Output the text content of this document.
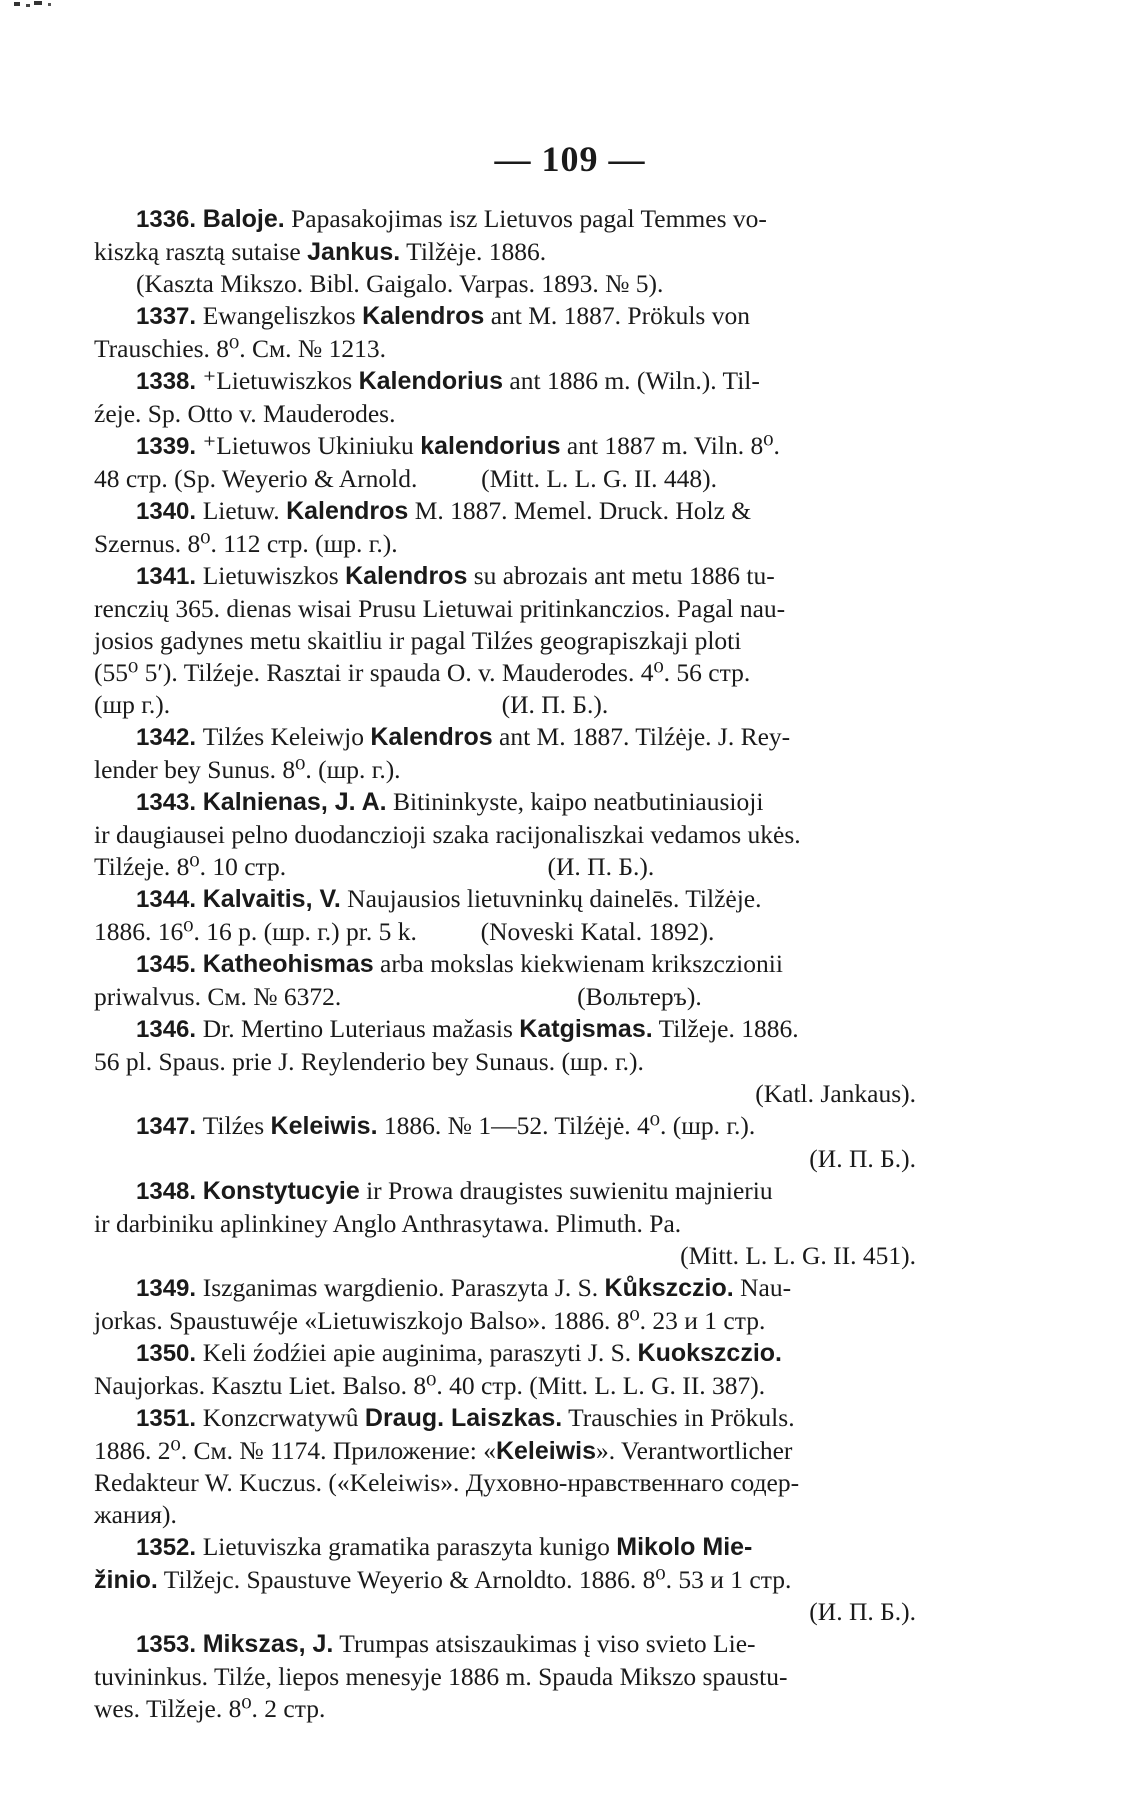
— 109 —
1336. Baloje. Papasakojimas isz Lietuvos pagal Temmes vo-
kiszką rasztą sutaise Jankus. Tilžėje. 1886.
(Kaszta Mikszo. Bibl. Gaigalo. Varpas. 1893. № 5).
1337. Ewangeliszkos Kalendros ant M. 1887. Prökuls von
Trauschies. 8⁰. См. № 1213.
1338. ⁺Lietuwiszkos Kalendorius ant 1886 m. (Wiln.). Til-
źeje. Sp. Otto v. Mauderodes.
1339. ⁺Lietuwos Ukiniuku kalendorius ant 1887 m. Viln. 8⁰.
48 стр. (Sp. Weyerio & Arnold.          (Mitt. L. L. G. II. 448).
1340. Lietuw. Kalendros M. 1887. Memel. Druck. Holz &
Szernus. 8⁰. 112 стр. (шр. г.).
1341. Lietuwiszkos Kalendros su abrozais ant metu 1886 tu-
renczių 365. dienas wisai Prusu Lietuwai pritinkanczios. Pagal nau-
josios gadynes metu skaitliu ir pagal Tilźes geograpiszkaji ploti
(55⁰ 5′). Tilźeje. Rasztai ir spauda O. v. Mauderodes. 4⁰. 56 стр.
(шр г.).                                                    (И. П. Б.).
1342. Tilźes Keleiwjo Kalendros ant M. 1887. Tilźėje. J. Rey-
lender bey Sunus. 8⁰. (шр. г.).
1343. Kalnienas, J. A. Bitininkyste, kaipo neatbutiniausioji
ir daugiausei pelno duodanczioji szaka racijonaliszkai vedamos ukės.
Tilźeje. 8⁰. 10 стр.                                         (И. П. Б.).
1344. Kalvaitis, V. Naujausios lietuvninkų dainelēs. Tilžėje.
1886. 16⁰. 16 p. (шр. г.) pr. 5 k.          (Noveski Katal. 1892).
1345. Katheohismas arba mokslas kiekwienam krikszczionii
priwalvus. См. № 6372.                                     (Вольтеръ).
1346. Dr. Mertino Luteriaus mažasis Katgismas. Tilžeje. 1886.
56 pl. Spaus. prie J. Reylenderio bey Sunaus. (шр. г.).
(Katl. Jankaus).
1347. Tilźes Keleiwis. 1886. № 1—52. Tilźėjė. 4⁰. (шр. г.).
(И. П. Б.).
1348. Konstytucyie ir Prowa draugistes suwienitu majnieriu
ir darbiniku aplinkiney Anglo Anthrasytawa. Plimuth. Pa.
(Mitt. L. L. G. II. 451).
1349. Iszganimas wargdienio. Paraszyta J. S. Kůkszczio. Nau-
jorkas. Spaustuwéje «Lietuwiszkojo Balso». 1886. 8⁰. 23 и 1 стр.
1350. Keli źodźiei apie auginima, paraszyti J. S. Kuokszczio.
Naujorkas. Kasztu Liet. Balso. 8⁰. 40 стр. (Mitt. L. L. G. II. 387).
1351. Konzcrwatywû Draug. Laiszkas. Trauschies in Prökuls.
1886. 2⁰. См. № 1174. Приложение: «Keleiwis». Verantwortlicher
Redakteur W. Kuczus. («Keleiwis». Духовно-нравственнаго содер-
жания).
1352. Lietuviszka gramatika paraszyta kunigo Mikolo Mie-
žinio. Tilžejc. Spaustuve Weyerio & Arnoldto. 1886. 8⁰. 53 и 1 стр.
(И. П. Б.).
1353. Mikszas, J. Trumpas atsiszaukimas į viso svieto Lie-
tuvininkus. Tilźe, liepos menesyje 1886 m. Spauda Mikszo spaustu-
wes. Tilžeje. 8⁰. 2 стр.
